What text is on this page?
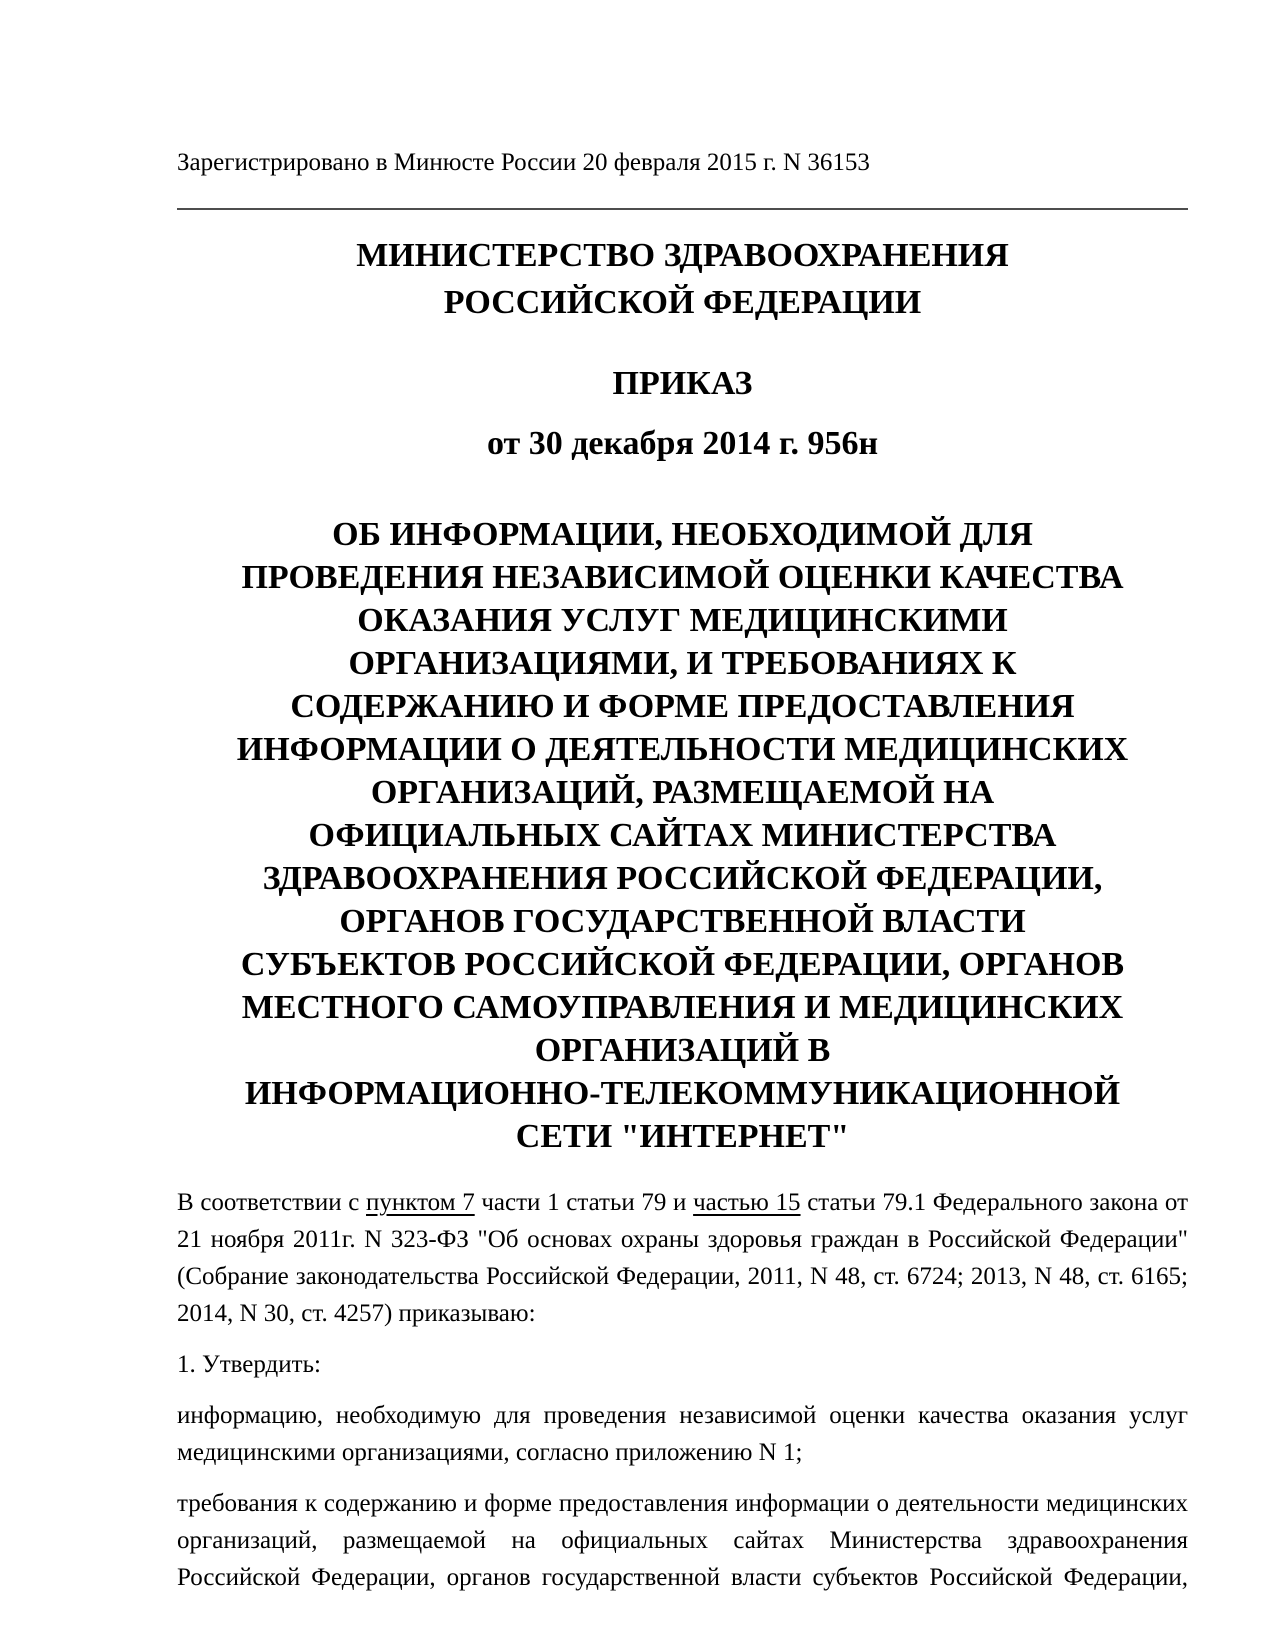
Зарегистрировано в Минюсте России 20 февраля 2015 г. N 36153
МИНИСТЕРСТВО ЗДРАВООХРАНЕНИЯ
РОССИЙСКОЙ ФЕДЕРАЦИИ
ПРИКАЗ
от 30 декабря 2014 г. 956н
ОБ ИНФОРМАЦИИ, НЕОБХОДИМОЙ ДЛЯ
ПРОВЕДЕНИЯ НЕЗАВИСИМОЙ ОЦЕНКИ КАЧЕСТВА
ОКАЗАНИЯ УСЛУГ МЕДИЦИНСКИМИ
ОРГАНИЗАЦИЯМИ, И ТРЕБОВАНИЯХ К
СОДЕРЖАНИЮ И ФОРМЕ ПРЕДОСТАВЛЕНИЯ
ИНФОРМАЦИИ О ДЕЯТЕЛЬНОСТИ МЕДИЦИНСКИХ
ОРГАНИЗАЦИЙ, РАЗМЕЩАЕМОЙ НА
ОФИЦИАЛЬНЫХ САЙТАХ МИНИСТЕРСТВА
ЗДРАВООХРАНЕНИЯ РОССИЙСКОЙ ФЕДЕРАЦИИ,
ОРГАНОВ ГОСУДАРСТВЕННОЙ ВЛАСТИ
СУБЪЕКТОВ РОССИЙСКОЙ ФЕДЕРАЦИИ, ОРГАНОВ
МЕСТНОГО САМОУПРАВЛЕНИЯ И МЕДИЦИНСКИХ
ОРГАНИЗАЦИЙ В
ИНФОРМАЦИОННО-ТЕЛЕКОММУНИКАЦИОННОЙ
СЕТИ "ИНТЕРНЕТ"

В соответствии с пунктом 7 части 1 статьи 79 и частью 15 статьи 79.1 Федерального закона от 21 ноября 2011г. N 323-ФЗ "Об основах охраны здоровья граждан в Российской Федерации" (Собрание законодательства Российской Федерации, 2011, N 48, ст. 6724; 2013, N 48, ст. 6165; 2014, N 30, ст. 4257) приказываю:

1. Утвердить:

информацию, необходимую для проведения независимой оценки качества оказания услуг медицинскими организациями, согласно приложению N 1;

требования к содержанию и форме предоставления информации о деятельности медицинских организаций, размещаемой на официальных сайтах Министерства здравоохранения Российской Федерации, органов государственной власти субъектов Российской Федерации,
